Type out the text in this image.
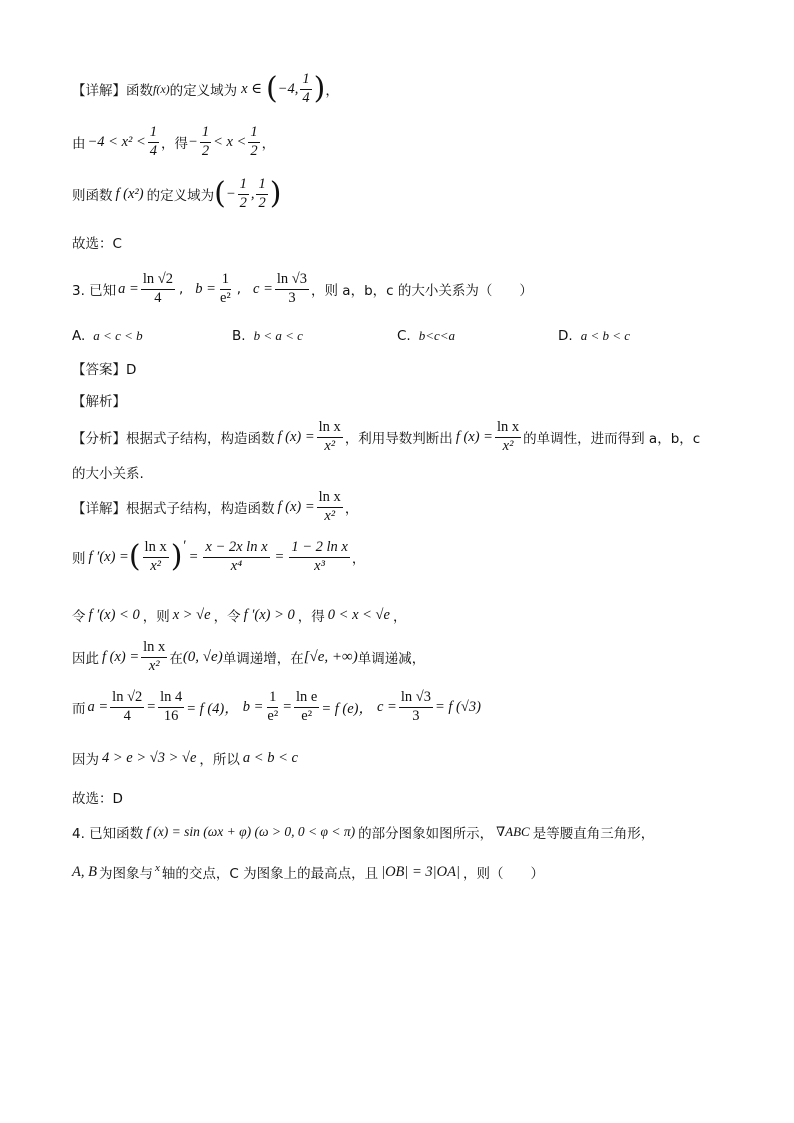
【详解】函数 f(x) 的定义域为 x ∈ ( −4, $\frac{1}{4}$ ) ，
由 $-4 < x^2 < \frac{1}{4}$ ，得 − $\frac{1}{2} < x < \frac{1}{2}$ ，
则函数 f (x²) 的定义域为 ( − $\frac{1}{2}$ , $\frac{1}{2}$ )
故选：C
3. 已知 $a = \frac{\ln √2}{4}$ , $b = \frac{1}{\text{e²}}$ , $c = \frac{\ln √3}{3}$ ，则 a，b，c 的大小关系为（　　）
A. a < c < b	B. b < a < c	C. b<c<a	D. a < b < c
【答案】D
【解析】
【分析】根据式子结构，构造函数 f $(x) = \frac{\text{ln x}}{\text{x²}}$ ，利用导数判断出 f $(x) = \frac{\text{ln x}}{\text{x²}}$ 的单调性，进而得到 a，b，c
的大小关系.
【详解】根据式子结构，构造函数 f $(x) = \frac{\text{ln x}}{\text{x²}}$ ，
则 f ′(x) = ( $\frac{\text{ln x}}{\text{x²}}$ ) ′
= $\frac{\text{x − 2x ln x}}{\text{x⁴}} = \frac{\text{1 − 2 ln x}}{\text{x³}}$ ，
令 f ′(x) < 0 ，则 x > √e ，令 f ′(x) > 0 ，得 0 < x < √e ，
因此 f $(x) = \frac{\text{ln x}}{\text{x²}}$ 在 (0, √e) 单调递增，在 [√e, +∞) 单调递减，
而 $a = \frac{\ln √2}{4} = \frac{\ln 4}{16} = f$ (4)， $b = \frac{1}{\text{e²}} = \frac{\text{ln e}}{\text{e²}} = f$ (e)， $c = \frac{\ln √3}{3} = f$ (√3)
因为 4 > e > √3 > √e ，所以 a < b < c
故选：D
4. 已知函数 f (x) = sin (ωx + φ) (ω > 0, 0 < φ < π) 的部分图象如图所示， ∇ABC 是等腰直角三角形，
A, B 为图象与 x 轴的交点，C 为图象上的最高点，且 |OB| = 3|OA| ，则（　　）
